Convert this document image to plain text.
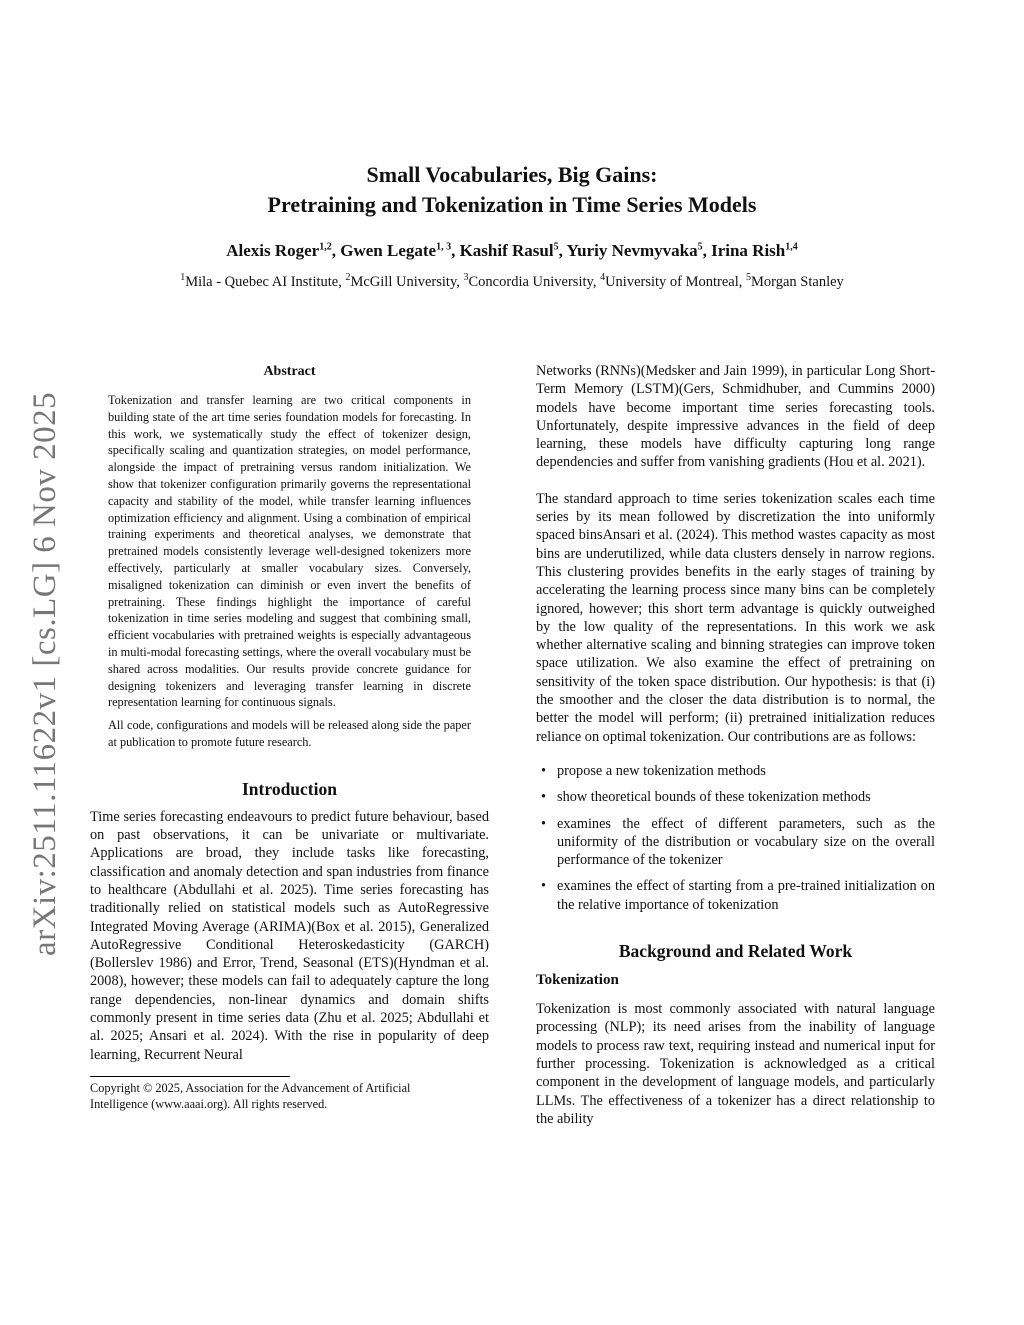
Small Vocabularies, Big Gains:
Pretraining and Tokenization in Time Series Models
Alexis Roger$^{1,2}$, Gwen Legate$^{1, 3}$, Kashif Rasul$^5$, Yuriy Nevmyvaka$^5$, Irina Rish$^{1,4}$
$^1$Mila - Quebec AI Institute, $^2$McGill University, $^3$Concordia University, $^4$University of Montreal, $^5$Morgan Stanley
arXiv:2511.11622v1 [cs.LG] 6 Nov 2025
Abstract

Tokenization and transfer learning are two critical components in building state of the art time series foundation models for forecasting. In this work, we systematically study the effect of tokenizer design, specifically scaling and quantization strategies, on model performance, alongside the impact of pretraining versus random initialization. We show that tokenizer configuration primarily governs the representational capacity and stability of the model, while transfer learning influences optimization efficiency and alignment. Using a combination of empirical training experiments and theoretical analyses, we demonstrate that pretrained models consistently leverage well-designed tokenizers more effectively, particularly at smaller vocabulary sizes. Conversely, misaligned tokenization can diminish or even invert the benefits of pretraining. These findings highlight the importance of careful tokenization in time series modeling and suggest that combining small, efficient vocabularies with pretrained weights is especially advantageous in multi-modal forecasting settings, where the overall vocabulary must be shared across modalities. Our results provide concrete guidance for designing tokenizers and leveraging transfer learning in discrete representation learning for continuous signals.

All code, configurations and models will be released along side the paper at publication to promote future research.

Introduction

Time series forecasting endeavours to predict future behaviour, based on past observations, it can be univariate or multivariate. Applications are broad, they include tasks like forecasting, classification and anomaly detection and span industries from finance to healthcare (Abdullahi et al. 2025). Time series forecasting has traditionally relied on statistical models such as AutoRegressive Integrated Moving Average (ARIMA)(Box et al. 2015), Generalized AutoRegressive Conditional Heteroskedasticity (GARCH)(Bollerslev 1986) and Error, Trend, Seasonal (ETS)(Hyndman et al. 2008), however; these models can fail to adequately capture the long range dependencies, non-linear dynamics and domain shifts commonly present in time series data (Zhu et al. 2025; Abdullahi et al. 2025; Ansari et al. 2024). With the rise in popularity of deep learning, Recurrent Neural

Copyright © 2025, Association for the Advancement of Artificial
Intelligence (www.aaai.org). All rights reserved.

Networks (RNNs)(Medsker and Jain 1999), in particular Long Short-Term Memory (LSTM)(Gers, Schmidhuber, and Cummins 2000) models have become important time series forecasting tools. Unfortunately, despite impressive advances in the field of deep learning, these models have difficulty capturing long range dependencies and suffer from vanishing gradients (Hou et al. 2021).

The standard approach to time series tokenization scales each time series by its mean followed by discretization the into uniformly spaced binsAnsari et al. (2024). This method wastes capacity as most bins are underutilized, while data clusters densely in narrow regions. This clustering provides benefits in the early stages of training by accelerating the learning process since many bins can be completely ignored, however; this short term advantage is quickly outweighed by the low quality of the representations. In this work we ask whether alternative scaling and binning strategies can improve token space utilization. We also examine the effect of pretraining on sensitivity of the token space distribution. Our hypothesis: is that (i) the smoother and the closer the data distribution is to normal, the better the model will perform; (ii) pretrained initialization reduces reliance on optimal tokenization. Our contributions are as follows:

• propose a new tokenization methods
• show theoretical bounds of these tokenization methods
• examines the effect of different parameters, such as the uniformity of the distribution or vocabulary size on the overall performance of the tokenizer
• examines the effect of starting from a pre-trained initialization on the relative importance of tokenization
Background and Related Work
Tokenization

Tokenization is most commonly associated with natural language processing (NLP); its need arises from the inability of language models to process raw text, requiring instead and numerical input for further processing. Tokenization is acknowledged as a critical component in the development of language models, and particularly LLMs. The effectiveness of a tokenizer has a direct relationship to the ability
